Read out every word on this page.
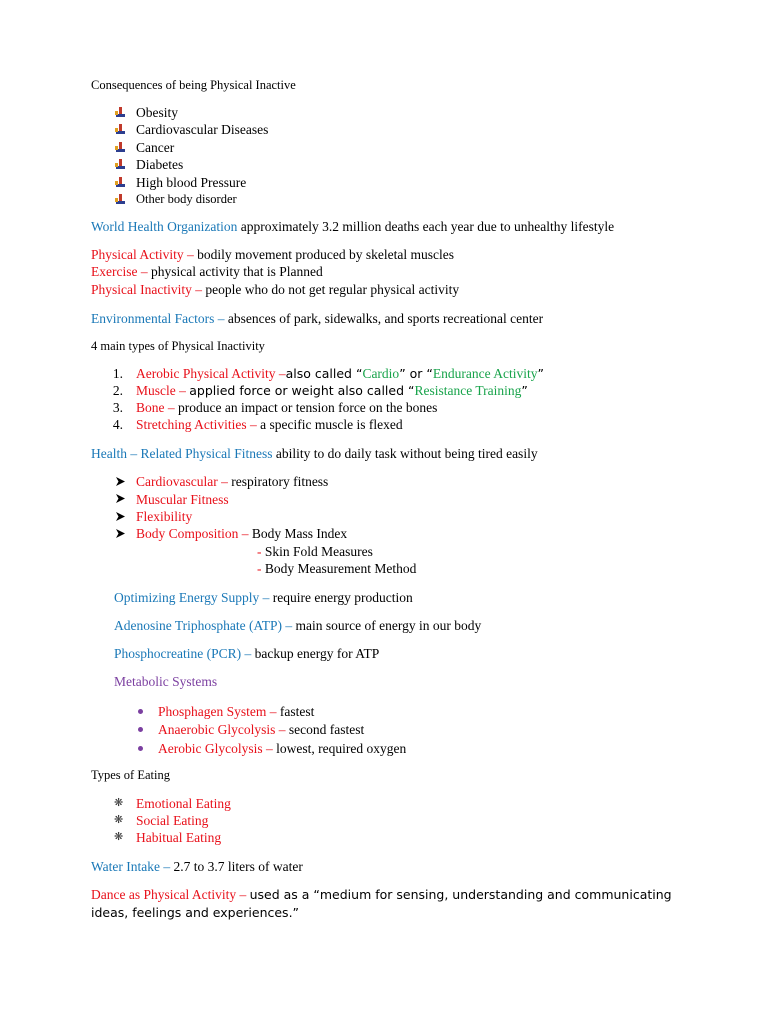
Consequences of being Physical Inactive
Obesity
Cardiovascular Diseases
Cancer
Diabetes
High blood Pressure
Other body disorder
World Health Organization approximately 3.2 million deaths each year due to unhealthy lifestyle
Physical Activity – bodily movement produced by skeletal muscles
Exercise – physical activity that is Planned
Physical Inactivity – people who do not get regular physical activity
Environmental Factors – absences of park, sidewalks, and sports recreational center
4 main types of Physical Inactivity
1. Aerobic Physical Activity –also called “Cardio” or “Endurance Activity”
2. Muscle – applied force or weight also called “Resistance Training”
3. Bone – produce an impact or tension force on the bones
4. Stretching Activities – a specific muscle is flexed
Health – Related Physical Fitness ability to do daily task without being tired easily
Cardiovascular – respiratory fitness
Muscular Fitness
Flexibility
Body Composition – Body Mass Index
- Skin Fold Measures
- Body Measurement Method
Optimizing Energy Supply – require energy production
Adenosine Triphosphate (ATP) – main source of energy in our body
Phosphocreatine (PCR) – backup energy for ATP
Metabolic Systems
Phosphagen System – fastest
Anaerobic Glycolysis – second fastest
Aerobic Glycolysis – lowest, required oxygen
Types of Eating
❋ Emotional Eating
❋ Social Eating
❋ Habitual Eating
Water Intake – 2.7 to 3.7 liters of water
Dance as Physical Activity – used as a “medium for sensing, understanding and communicating
ideas, feelings and experiences.”
